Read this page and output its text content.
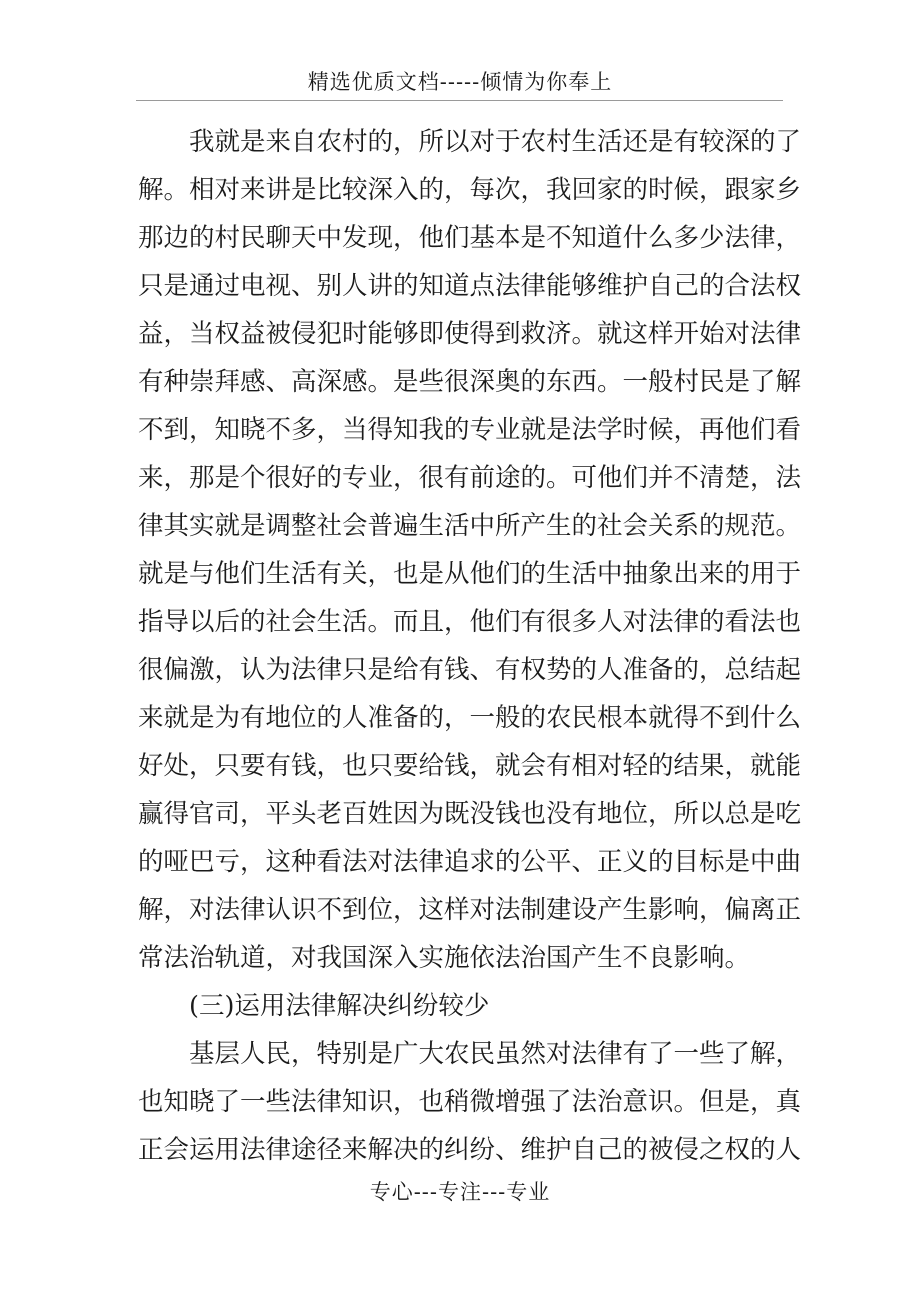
精选优质文档-----倾情为你奉上
我就是来自农村的，所以对于农村生活还是有较深的了
解。相对来讲是比较深入的，每次，我回家的时候，跟家乡
那边的村民聊天中发现，他们基本是不知道什么多少法律，
只是通过电视、别人讲的知道点法律能够维护自己的合法权
益，当权益被侵犯时能够即使得到救济。就这样开始对法律
有种崇拜感、高深感。是些很深奥的东西。一般村民是了解
不到，知晓不多，当得知我的专业就是法学时候，再他们看
来，那是个很好的专业，很有前途的。可他们并不清楚，法
律其实就是调整社会普遍生活中所产生的社会关系的规范。
就是与他们生活有关，也是从他们的生活中抽象出来的用于
指导以后的社会生活。而且，他们有很多人对法律的看法也
很偏激，认为法律只是给有钱、有权势的人准备的，总结起
来就是为有地位的人准备的，一般的农民根本就得不到什么
好处，只要有钱，也只要给钱，就会有相对轻的结果，就能
赢得官司，平头老百姓因为既没钱也没有地位，所以总是吃
的哑巴亏，这种看法对法律追求的公平、正义的目标是中曲
解，对法律认识不到位，这样对法制建设产生影响，偏离正
常法治轨道，对我国深入实施依法治国产生不良影响。
(三)运用法律解决纠纷较少
基层人民，特别是广大农民虽然对法律有了一些了解，
也知晓了一些法律知识，也稍微增强了法治意识。但是，真
正会运用法律途径来解决的纠纷、维护自己的被侵之权的人
专心---专注---专业
